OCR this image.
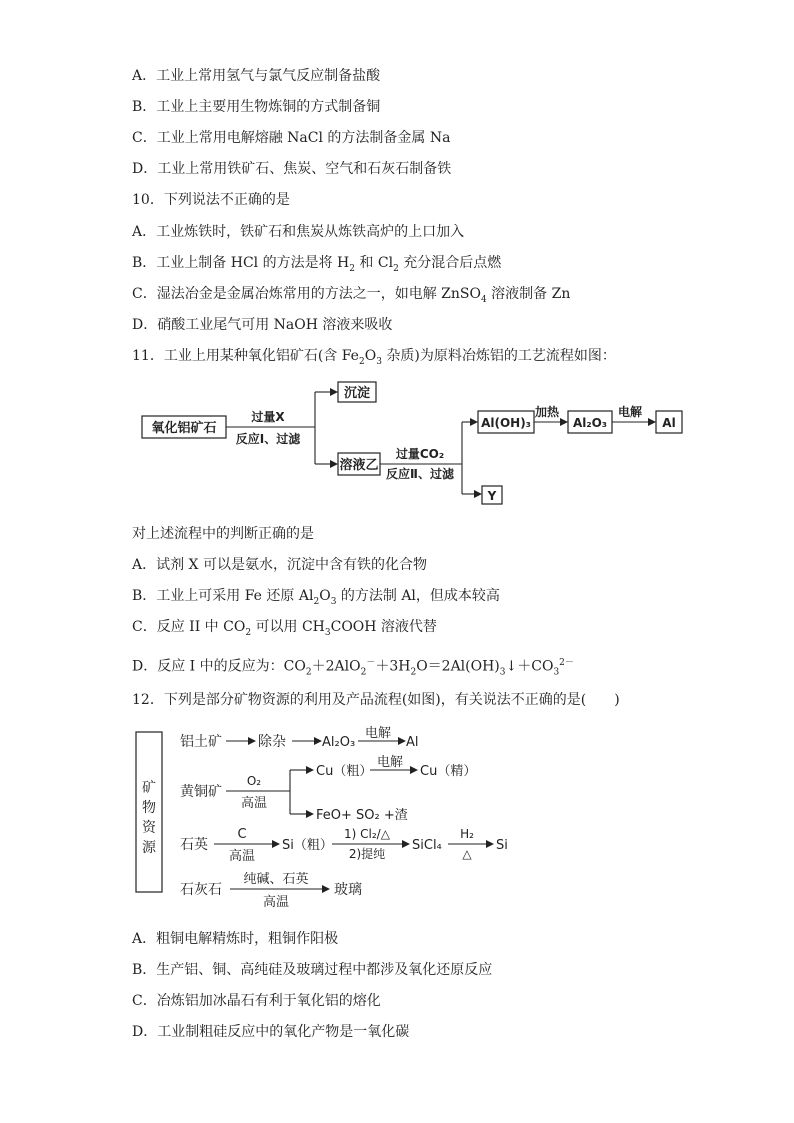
A．工业上常用氢气与氯气反应制备盐酸
B．工业上主要用生物炼铜的方式制备铜
C．工业上常用电解熔融 NaCl 的方法制备金属 Na
D．工业上常用铁矿石、焦炭、空气和石灰石制备铁
10．下列说法不正确的是
A．工业炼铁时，铁矿石和焦炭从炼铁高炉的上口加入
B．工业上制备 HCl 的方法是将 $H_2$ 和 $Cl_2$ 充分混合后点燃
C．湿法冶金是金属冶炼常用的方法之一，如电解 ZnSO$_4$ 溶液制备 Zn
D．硝酸工业尾气可用 NaOH 溶液来吸收
11．工业上用某种氧化铝矿石(含 $Fe_2O_3$ 杂质)为原料冶炼铝的工艺流程如图：
氧化铝矿石
过量X
反应Ⅰ、过滤
沉淀
溶液乙
过量CO₂
反应Ⅱ、过滤
Al(OH)₃
加热
Al₂O₃
电解
Al
Y
对上述流程中的判断正确的是
A．试剂 X 可以是氨水，沉淀中含有铁的化合物
B．工业上可采用 Fe 还原 $Al_2O_3$ 的方法制 Al，但成本较高
C．反应 II 中 $CO_2$ 可以用 $CH_3COOH$ 溶液代替
D．反应 I 中的反应为：$CO_2+2AlO_2^-+3H_2O=2Al(OH)_3↓+CO_3^{2-}$
12．下列是部分矿物资源的利用及产品流程(如图)，有关说法不正确的是(　　)
矿
物
资
源
铝土矿	除杂	Al₂O₃
电解
Al
黄铜矿
O₂
高温
Cu（粗）
电解
Cu（精）
FeO+ SO₂ +渣
石英
C
高温
Si（粗）
1) Cl₂/△
2)提纯
SiCl₄
H₂
△
Si
石灰石
纯碱、石英
高温
玻璃
A．粗铜电解精炼时，粗铜作阳极
B．生产铝、铜、高纯硅及玻璃过程中都涉及氧化还原反应
C．冶炼铝加冰晶石有利于氧化铝的熔化
D．工业制粗硅反应中的氧化产物是一氧化碳
